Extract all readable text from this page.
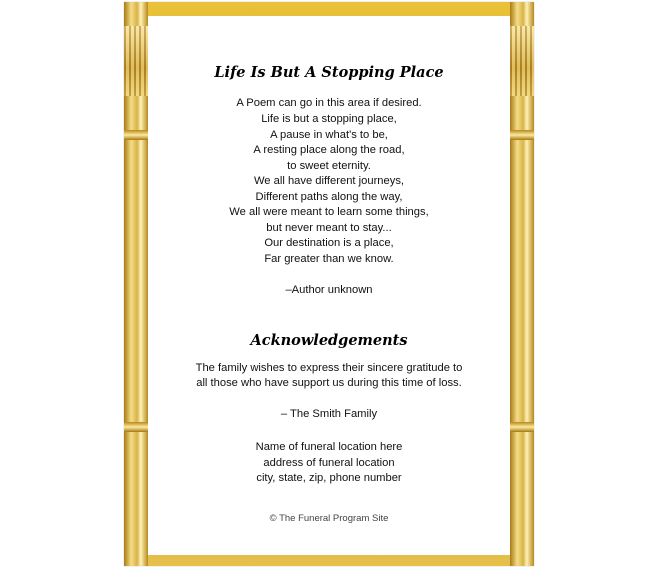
Life Is But A Stopping Place
A Poem can go in this area if desired.
Life is but a stopping place,
A pause in what's to be,
A resting place along the road,
to sweet eternity.
We all have different journeys,
Different paths along the way,
We all were meant to learn some things,
but never meant to stay...
Our destination is a place,
Far greater than we know.
–Author unknown
Acknowledgements
The family wishes to express their sincere gratitude to
all those who have support us during this time of loss.
– The Smith Family
Name of funeral location here
address of funeral location
city, state, zip, phone number
© The Funeral Program Site
